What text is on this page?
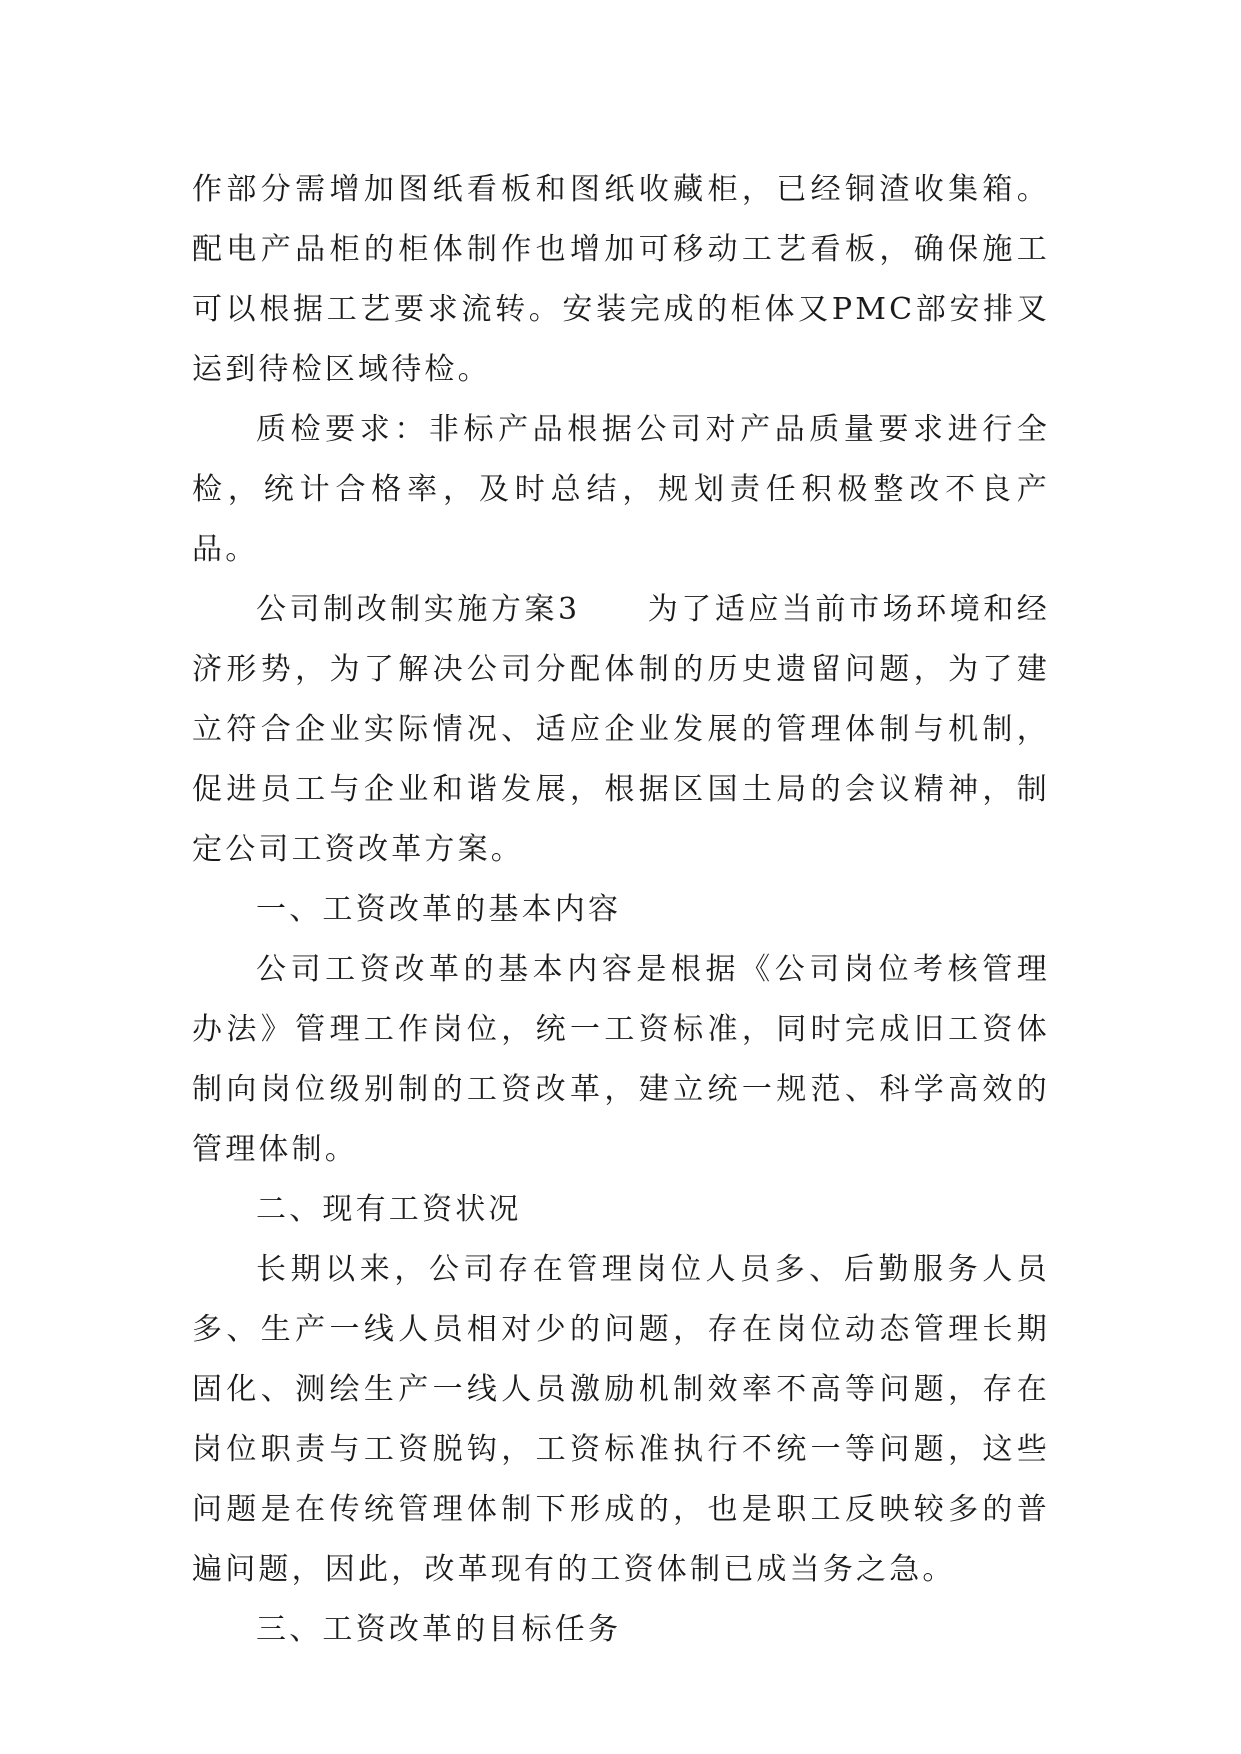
作部分需增加图纸看板和图纸收藏柜，已经铜渣收集箱。配电产品柜的柜体制作也增加可移动工艺看板，确保施工可以根据工艺要求流转。安装完成的柜体又PMC部安排叉运到待检区域待检。

质检要求：非标产品根据公司对产品质量要求进行全检，统计合格率，及时总结，规划责任积极整改不良产品。

公司制改制实施方案3　　为了适应当前市场环境和经济形势，为了解决公司分配体制的历史遗留问题，为了建立符合企业实际情况、适应企业发展的管理体制与机制，促进员工与企业和谐发展，根据区国土局的会议精神，制定公司工资改革方案。

一、工资改革的基本内容

公司工资改革的基本内容是根据《公司岗位考核管理办法》管理工作岗位，统一工资标准，同时完成旧工资体制向岗位级别制的工资改革，建立统一规范、科学高效的管理体制。

二、现有工资状况

长期以来，公司存在管理岗位人员多、后勤服务人员多、生产一线人员相对少的问题，存在岗位动态管理长期固化、测绘生产一线人员激励机制效率不高等问题，存在岗位职责与工资脱钩，工资标准执行不统一等问题，这些问题是在传统管理体制下形成的，也是职工反映较多的普遍问题，因此，改革现有的工资体制已成当务之急。

三、工资改革的目标任务
